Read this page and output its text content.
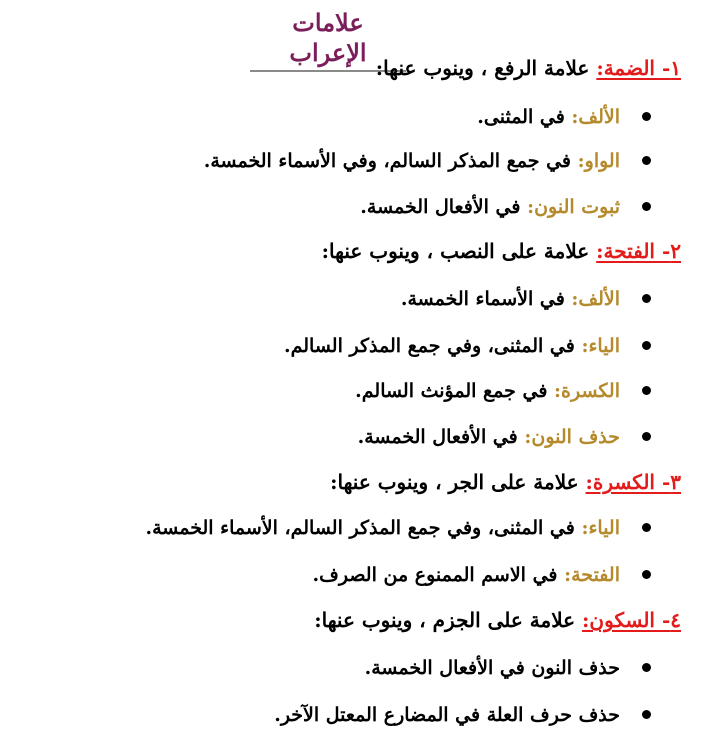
علامات الإعراب
١- الضمة: علامة الرفع ، وينوب عنها:
الألف: في المثنى.
الواو: في جمع المذكر السالم، وفي الأسماء الخمسة.
ثبوت النون: في الأفعال الخمسة.
٢- الفتحة: علامة على النصب ، وينوب عنها:
الألف: في الأسماء الخمسة.
الياء: في المثنى، وفي جمع المذكر السالم.
الكسرة: في جمع المؤنث السالم.
حذف النون: في الأفعال الخمسة.
٣- الكسرة: علامة على الجر ، وينوب عنها:
الياء: في المثنى، وفي جمع المذكر السالم، الأسماء الخمسة.
الفتحة: في الاسم الممنوع من الصرف.
٤- السكون: علامة على الجزم ، وينوب عنها:
حذف النون في الأفعال الخمسة.
حذف حرف العلة في المضارع المعتل الآخر.
